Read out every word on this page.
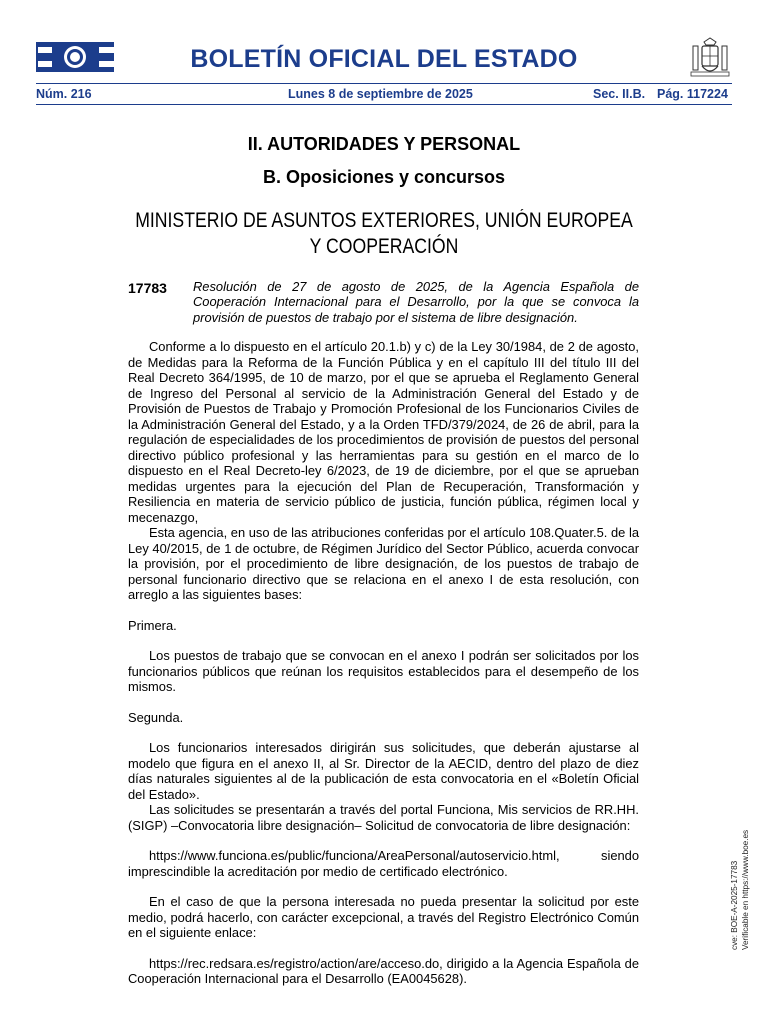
BOLETÍN OFICIAL DEL ESTADO
Núm. 216	Lunes 8 de septiembre de 2025	Sec. II.B. Pág. 117224
II. AUTORIDADES Y PERSONAL
B. Oposiciones y concursos
MINISTERIO DE ASUNTOS EXTERIORES, UNIÓN EUROPEA
Y COOPERACIÓN
17783 Resolución de 27 de agosto de 2025, de la Agencia Española de Cooperación Internacional para el Desarrollo, por la que se convoca la provisión de puestos de trabajo por el sistema de libre designación.

Conforme a lo dispuesto en el artículo 20.1.b) y c) de la Ley 30/1984, de 2 de agosto, de Medidas para la Reforma de la Función Pública y en el capítulo III del título III del Real Decreto 364/1995, de 10 de marzo, por el que se aprueba el Reglamento General de Ingreso del Personal al servicio de la Administración General del Estado y de Provisión de Puestos de Trabajo y Promoción Profesional de los Funcionarios Civiles de la Administración General del Estado, y a la Orden TFD/379/2024, de 26 de abril, para la regulación de especialidades de los procedimientos de provisión de puestos del personal directivo público profesional y las herramientas para su gestión en el marco de lo dispuesto en el Real Decreto-ley 6/2023, de 19 de diciembre, por el que se aprueban medidas urgentes para la ejecución del Plan de Recuperación, Transformación y Resiliencia en materia de servicio público de justicia, función pública, régimen local y mecenazgo,

Esta agencia, en uso de las atribuciones conferidas por el artículo 108.Quater.5. de la Ley 40/2015, de 1 de octubre, de Régimen Jurídico del Sector Público, acuerda convocar la provisión, por el procedimiento de libre designación, de los puestos de trabajo de personal funcionario directivo que se relaciona en el anexo I de esta resolución, con arreglo a las siguientes bases:

Primera.

Los puestos de trabajo que se convocan en el anexo I podrán ser solicitados por los funcionarios públicos que reúnan los requisitos establecidos para el desempeño de los mismos.

Segunda.

Los funcionarios interesados dirigirán sus solicitudes, que deberán ajustarse al modelo que figura en el anexo II, al Sr. Director de la AECID, dentro del plazo de diez días naturales siguientes al de la publicación de esta convocatoria en el «Boletín Oficial del Estado».

Las solicitudes se presentarán a través del portal Funciona, Mis servicios de RR.HH. (SIGP) –Convocatoria libre designación– Solicitud de convocatoria de libre designación:

https://www.funciona.es/public/funciona/AreaPersonal/autoservicio.html, siendo imprescindible la acreditación por medio de certificado electrónico.

En el caso de que la persona interesada no pueda presentar la solicitud por este medio, podrá hacerlo, con carácter excepcional, a través del Registro Electrónico Común en el siguiente enlace:

https://rec.redsara.es/registro/action/are/acceso.do, dirigido a la Agencia Española de Cooperación Internacional para el Desarrollo (EA0045628).

cve: BOE-A-2025-17783 Verificable en https://www.boe.es
